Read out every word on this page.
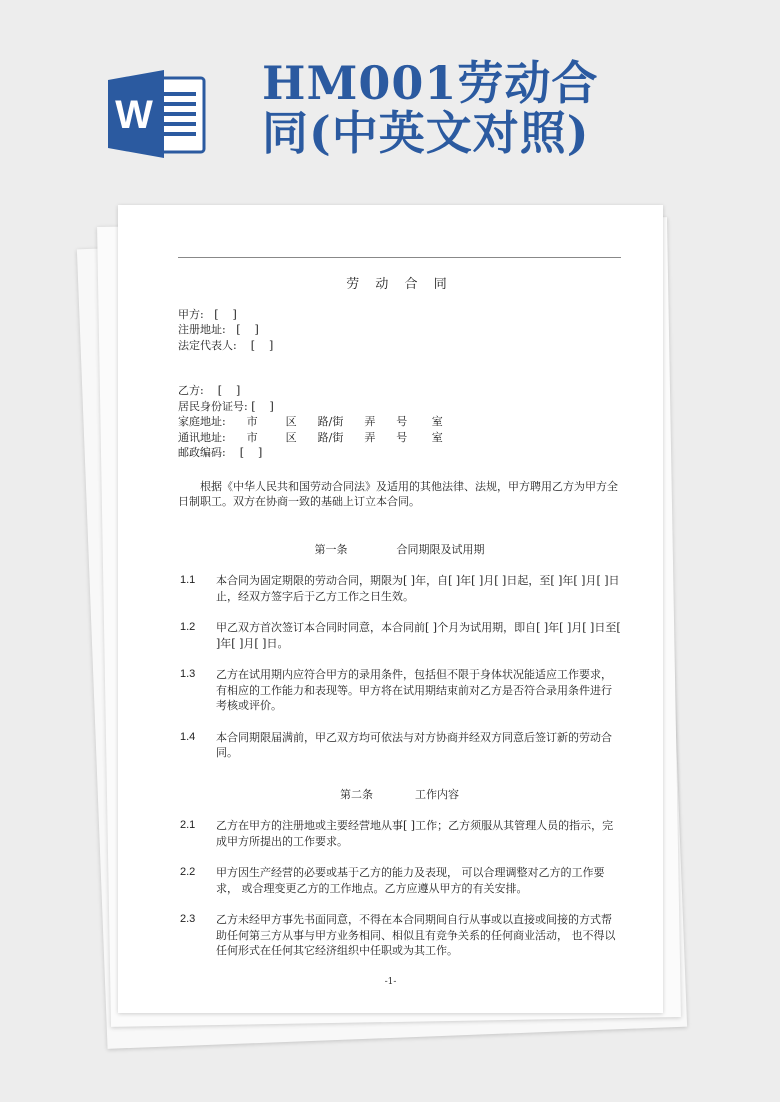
W
HM001劳动合
同(中英文对照)
劳 动 合 同

甲方:   [    ]

注册地址:   [    ]

法定代表人:    [    ]

乙方:    [    ]

居民身份证号: [    ]

家庭地址:      市        区      路/街      弄      号       室

通讯地址:      市        区      路/街      弄      号       室

邮政编码:    [    ]

根据《中华人民共和国劳动合同法》及适用的其他法律、法规，甲方聘用乙方为甲方全日制职工。双方在协商一致的基础上订立本合同。

第一条              合同期限及试用期
1.1	本合同为固定期限的劳动合同，期限为[ ]年，自[ ]年[ ]月[ ]日起，至[ ]年[ ]月[ ]日止，经双方签字后于乙方工作之日生效。
1.2	甲乙双方首次签订本合同时同意，本合同前[ ]个月为试用期，即自[ ]年[ ]月[ ]日至[ ]年[ ]月[ ]日。
1.3	乙方在试用期内应符合甲方的录用条件，包括但不限于身体状况能适应工作要求，有相应的工作能力和表现等。甲方将在试用期结束前对乙方是否符合录用条件进行考核或评价。
1.4	本合同期限届满前，甲乙双方均可依法与对方协商并经双方同意后签订新的劳动合同。
第二条            工作内容
2.1	乙方在甲方的注册地或主要经营地从事[ ]工作；乙方须服从其管理人员的指示，完成甲方所提出的工作要求。
2.2	甲方因生产经营的必要或基于乙方的能力及表现， 可以合理调整对乙方的工作要求， 或合理变更乙方的工作地点。乙方应遵从甲方的有关安排。
2.3	乙方未经甲方事先书面同意，不得在本合同期间自行从事或以直接或间接的方式帮助任何第三方从事与甲方业务相同、相似且有竞争关系的任何商业活动， 也不得以任何形式在任何其它经济组织中任职或为其工作。
-1-
